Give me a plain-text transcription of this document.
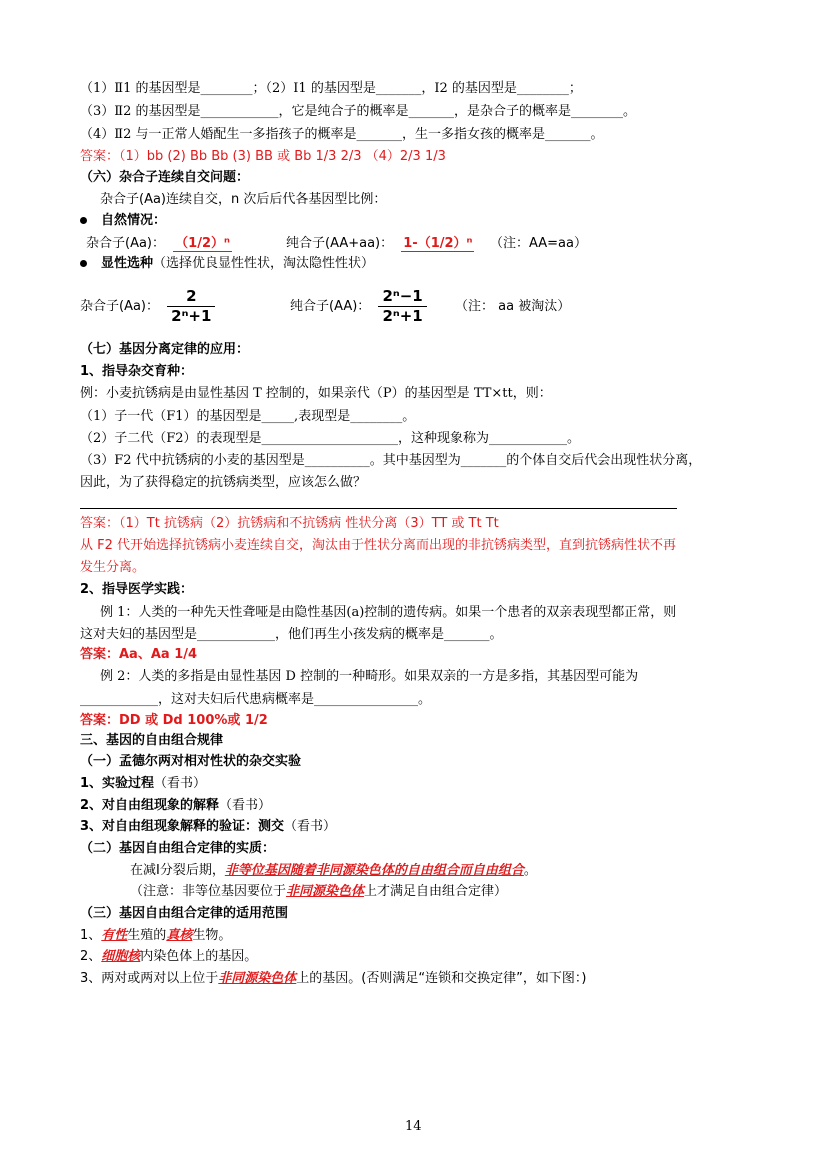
（1）Ⅱ1 的基因型是________；（2）Ⅰ1 的基因型是_______，Ⅰ2 的基因型是________；
（3）Ⅱ2 的基因型是____________，它是纯合子的概率是_______，是杂合子的概率是________。
（4）Ⅱ2 与一正常人婚配生一多指孩子的概率是_______，生一多指女孩的概率是_______。
答案：（1）bb (2) Bb Bb (3) BB 或 Bb 1/3 2/3 （4）2/3 1/3
（六）杂合子连续自交问题：
杂合子(Aa)连续自交，n 次后后代各基因型比例：
自然情况：
杂合子(Aa)： （1/2）ⁿ	纯合子(AA+aa)： 1-（1/2）ⁿ （注：AA=aa）
显性选种（选择优良显性性状，淘汰隐性性状）
杂合子(Aa)： $\frac{2}{\text{2ⁿ+1}}$	纯合子(AA)： $\frac{\text{2ⁿ−1}}{\text{2ⁿ+1}}$ （注： aa 被淘汰）
（七）基因分离定律的应用：
1、指导杂交育种：
例：小麦抗锈病是由显性基因 T 控制的，如果亲代（P）的基因型是 TT×tt，则：
（1）子一代（F1）的基因型是_____,表现型是________。
（2）子二代（F2）的表现型是_____________________，这种现象称为____________。
（3）F2 代中抗锈病的小麦的基因型是__________。其中基因型为_______的个体自交后代会出现性状分离，
因此，为了获得稳定的抗锈病类型，应该怎么做？
答案：（1）Tt 抗锈病（2）抗锈病和不抗锈病 性状分离（3）TT 或 Tt Tt
从 F2 代开始选择抗锈病小麦连续自交，淘汰由于性状分离而出现的非抗锈病类型，直到抗锈病性状不再
发生分离。
2、指导医学实践：
例 1：人类的一种先天性聋哑是由隐性基因(a)控制的遗传病。如果一个患者的双亲表现型都正常，则
这对夫妇的基因型是____________，他们再生小孩发病的概率是_______。
答案：Aa、Aa 1/4
例 2：人类的多指是由显性基因 D 控制的一种畸形。如果双亲的一方是多指，其基因型可能为
____________，这对夫妇后代患病概率是________________。
答案：DD 或 Dd 100%或 1/2
三、基因的自由组合规律
（一）孟德尔两对相对性状的杂交实验
1、实验过程（看书）
2、对自由组现象的解释（看书）
3、对自由组现象解释的验证：测交（看书）
（二）基因自由组合定律的实质：
在减Ⅰ分裂后期，非等位基因随着非同源染色体的自由组合而自由组合。
（注意：非等位基因要位于非同源染色体上才满足自由组合定律）
（三）基因自由组合定律的适用范围
1、有性生殖的真核生物。
2、细胞核内染色体上的基因。
3、两对或两对以上位于非同源染色体上的基因。(否则满足“连锁和交换定律”，如下图：)
14
